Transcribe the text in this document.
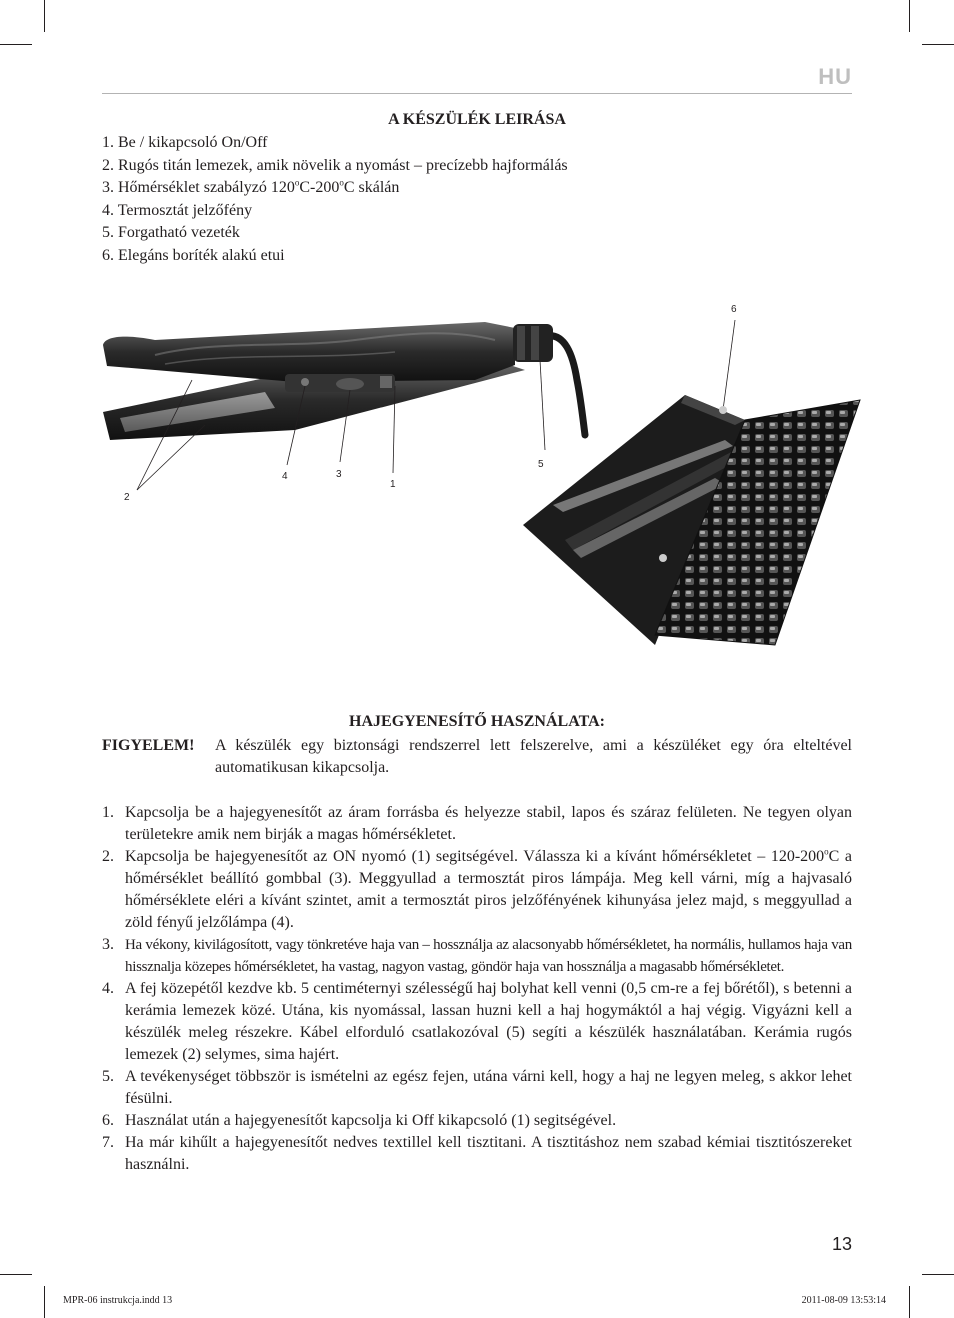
HU
A KÉSZÜLÉK LEIRÁSA
1. Be / kikapcsoló On/Off
2. Rugós titán lemezek, amik növelik a nyomást – precízebb hajformálás
3. Hőmérséklet szabályzó 120$^o$C-200$^o$C skálán
4. Termosztát jelzőfény
5. Forgatható vezeték
6. Elegáns boríték alakú etui
6
5
4	3
1
2
HAJEGYENESÍTŐ HASZNÁLATA:
FIGYELEM! A készülék egy biztonsági rendszerrel lett felszerelve, ami a készüléket egy óra elteltével automatikusan kikapcsolja.
1. Kapcsolja be a hajegyenesítőt az áram forrásba és helyezze stabil, lapos és száraz felületen. Ne tegyen olyan területekre amik nem birják a magas hőmérsékletet.
2. Kapcsolja be hajegyenesítőt az ON nyomó (1) segitségével. Válassza ki a kívánt hőmérsékletet – 120-200$^o$C a hőmérséklet beállító gombbal (3). Meggyullad a termosztát piros lámpája. Meg kell várni, míg a hajvasaló hőmérséklete eléri a kívánt szintet, amit a termosztát piros jelzőfényének kihunyása jelez majd, s meggyullad a zöld fényű jelzőlámpa (4).
3. Ha vékony, kivilágosított, vagy tönkretéve haja van – hossználja az alacsonyabb hőmérsékletet, ha normális, hullamos haja van hissznalja közepes hőmérsékletet, ha vastag, nagyon vastag, göndör haja van hossználja a magasabb hőmérsékletet.
4. A fej közepétől kezdve kb. 5 centiméternyi szélességű haj bolyhat kell venni (0,5 cm-re a fej bőrétől), s betenni a kerámia lemezek közé. Utána, kis nyomással, lassan huzni kell a haj hogymáktól a haj végig. Vigyázni kell a készülék meleg részekre. Kábel elforduló csatlakozóval (5) segíti a készülék használatában. Kerámia rugós lemezek (2) selymes, sima hajért.
5. A tevékenységet többször is ismételni az egész fejen, utána várni kell, hogy a haj ne legyen meleg, s akkor lehet fésülni.
6. Használat után a hajegyenesítőt kapcsolja ki Off kikapcsoló (1) segitségével.
7. Ha már kihűlt a hajegyenesítőt nedves textillel kell tisztitani. A tisztitáshoz nem szabad kémiai tisztitószereket használni.
13
MPR-06 instrukcja.indd 13	2011-08-09 13:53:14
